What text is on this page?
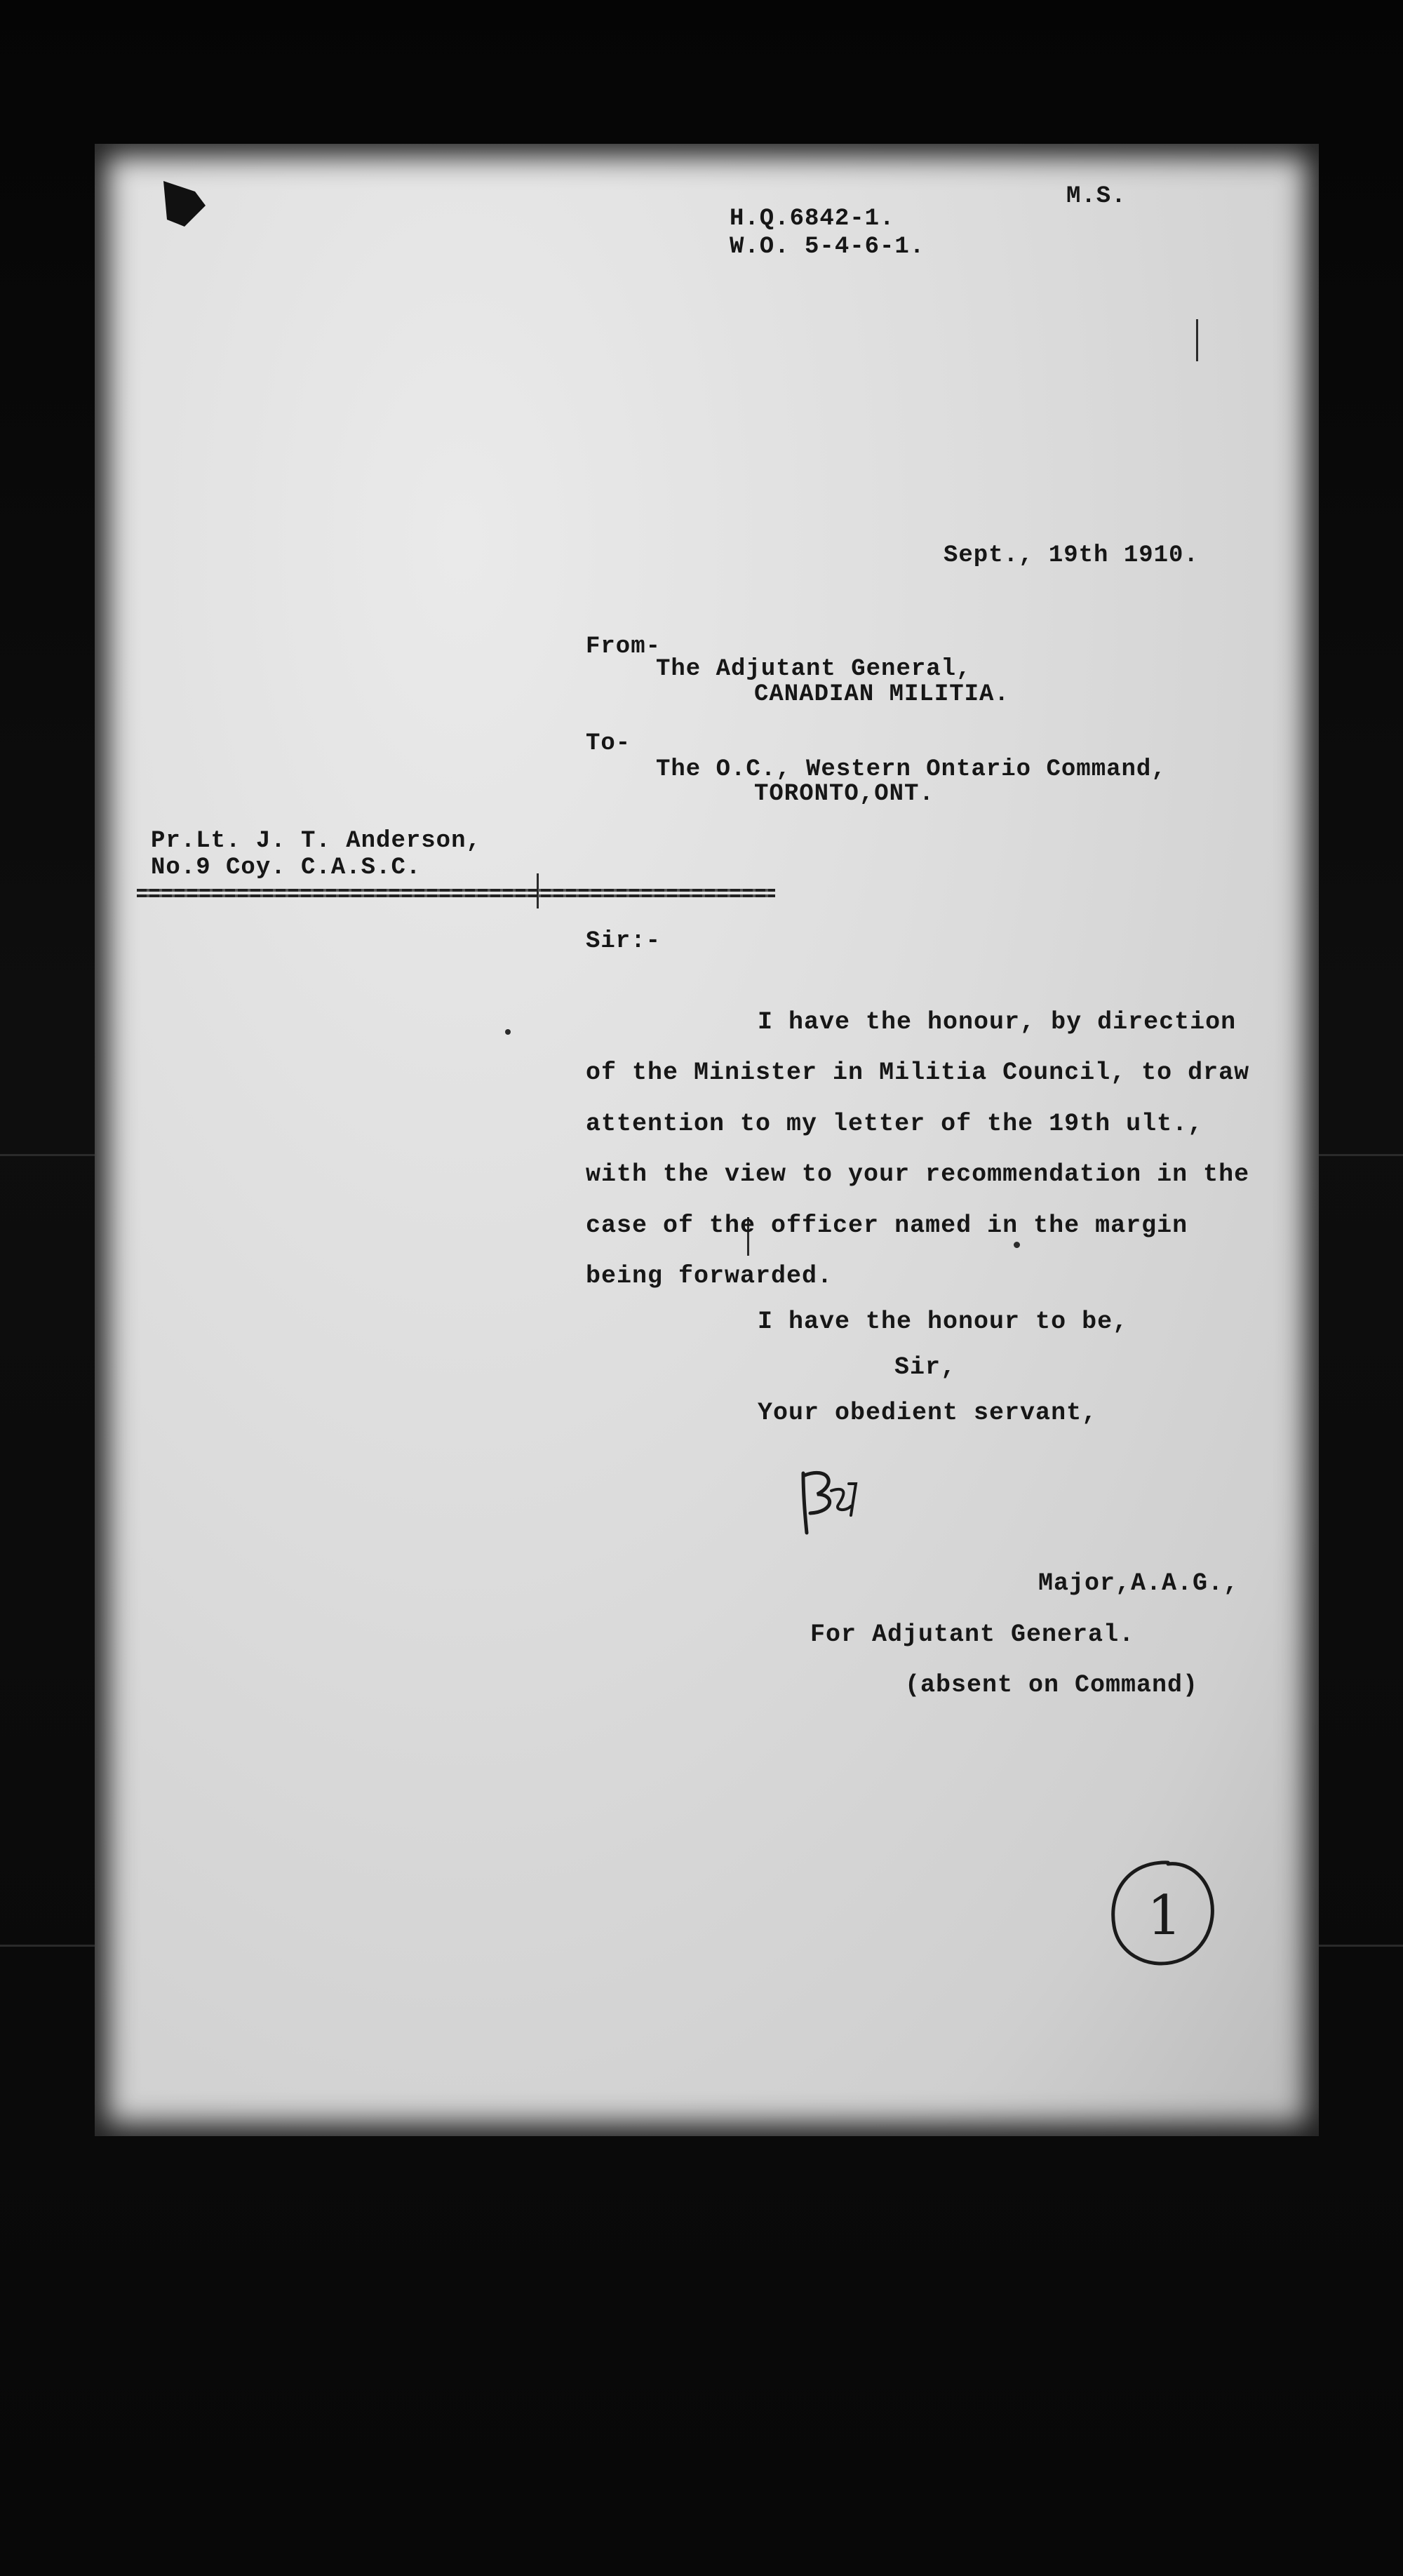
H.Q.6842-1.
W.O. 5-4-6-1.
M.S.
Sept., 19th 1910.
From-
The Adjutant General,
CANADIAN MILITIA.
To-
The O.C., Western Ontario Command,
TORONTO,ONT.
Pr.Lt. J. T. Anderson,
No.9 Coy. C.A.S.C.
Sir:-
I have the honour, by direction
of the Minister in Militia Council, to draw
attention to my letter of the 19th ult.,
with the view to your recommendation in the
case of the officer named in the margin
being forwarded.
I have the honour to be,
Sir,
Your obedient servant,
Major,A.A.G.,
For Adjutant General.
(absent on Command)
1
